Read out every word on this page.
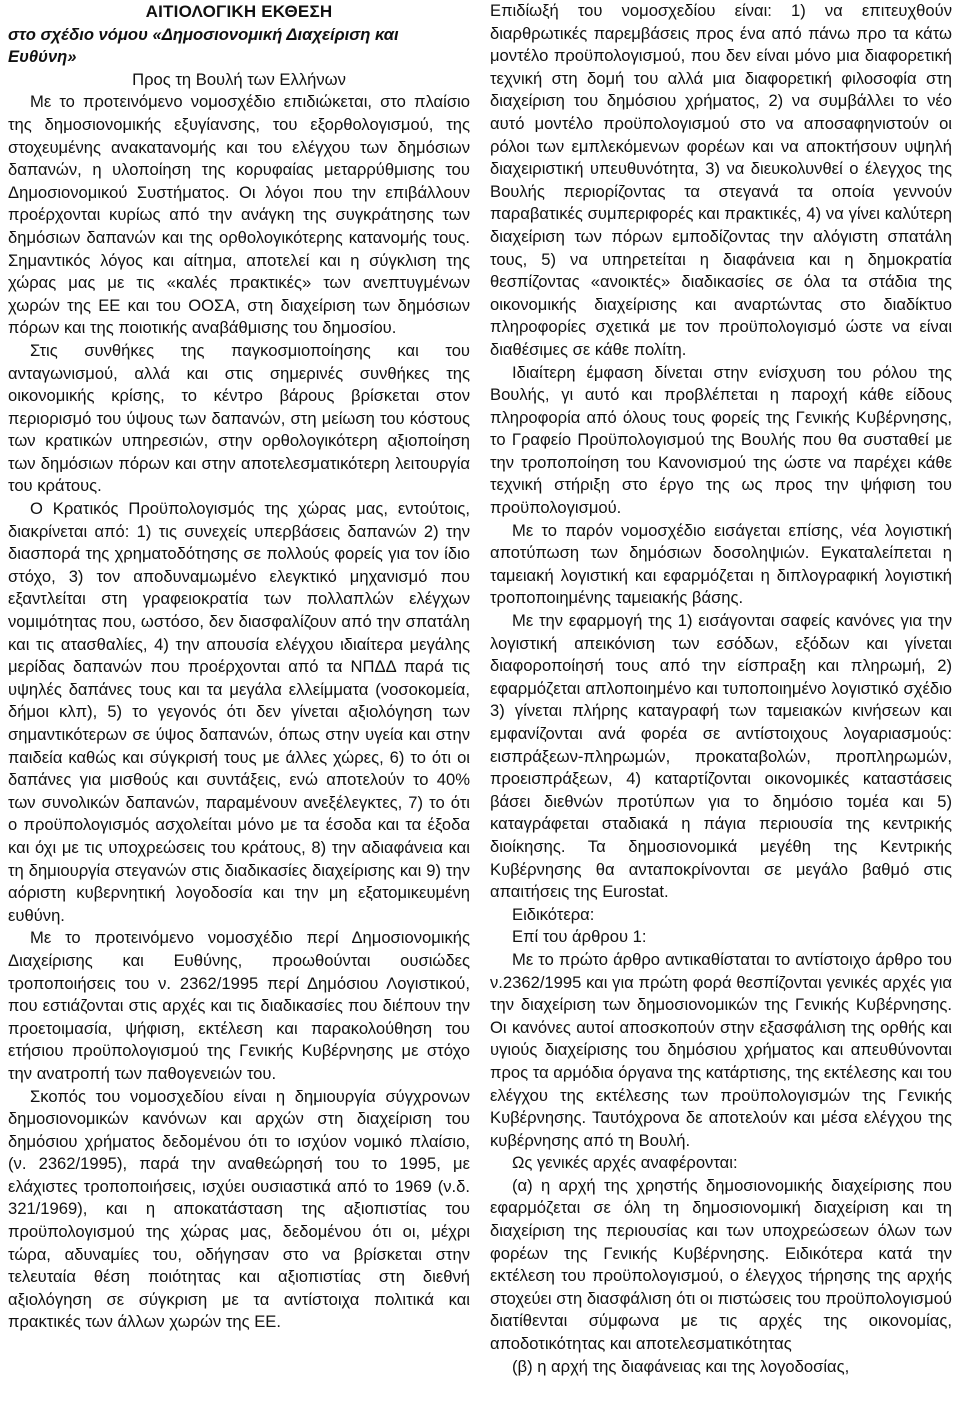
ΑΙΤΙΟΛΟΓΙΚΗ ΕΚΘΕΣΗ

στο σχέδιο νόμου «Δημοσιονομική Διαχείριση και Ευθύνη»

Προς τη Βουλή των Ελλήνων

Με το προτεινόμενο νομοσχέδιο επιδιώκεται, στο πλαίσιο της δημοσιονομικής εξυγίανσης, του εξορθολογισμού, της στοχευμένης ανακατανομής και του ελέγχου των δημόσιων δαπανών, η υλοποίηση της κορυφαίας μεταρρύθμισης του Δημοσιονομικού Συστήματος. Οι λόγοι που την επιβάλλουν προέρχονται κυρίως από την ανάγκη της συγκράτησης των δημόσιων δαπανών και της ορθολογικότερης κατανομής τους. Σημαντικός λόγος και αίτημα, αποτελεί και η σύγκλιση της χώρας μας με τις «καλές πρακτικές» των ανεπτυγμένων χωρών της ΕΕ και του ΟΟΣΑ, στη διαχείριση των δημόσιων πόρων και της ποιοτικής αναβάθμισης του δημοσίου.

Στις συνθήκες της παγκοσμιοποίησης και του ανταγωνισμού, αλλά και στις σημερινές συνθήκες της οικονομικής κρίσης, το κέντρο βάρους βρίσκεται στον περιορισμό του ύψους των δαπανών, στη μείωση του κόστους των κρατικών υπηρεσιών, στην ορθολογικότερη αξιοποίηση των δημόσιων πόρων και στην αποτελεσματικότερη λειτουργία του κράτους.

Ο Κρατικός Προϋπολογισμός της χώρας μας, εντούτοις, διακρίνεται από: 1) τις συνεχείς υπερβάσεις δαπανών 2) την διασπορά της χρηματοδότησης σε πολλούς φορείς για τον ίδιο στόχο, 3) τον αποδυναμωμένο ελεγκτικό μηχανισμό που εξαντλείται στη γραφειοκρατία των πολλαπλών ελέγχων νομιμότητας που, ωστόσο, δεν διασφαλίζουν από την σπατάλη και τις ατασθαλίες, 4) την απουσία ελέγχου ιδιαίτερα μεγάλης μερίδας δαπανών που προέρχονται από τα ΝΠΔΔ παρά τις υψηλές δαπάνες τους και τα μεγάλα ελλείμματα (νοσοκομεία, δήμοι κλπ), 5) το γεγονός ότι δεν γίνεται αξιολόγηση των σημαντικότερων σε ύψος δαπανών, όπως στην υγεία και στην παιδεία καθώς και σύγκρισή τους με άλλες χώρες, 6) το ότι οι δαπάνες για μισθούς και συντάξεις, ενώ αποτελούν το 40% των συνολικών δαπανών, παραμένουν ανεξέλεγκτες, 7) το ότι ο προϋπολογισμός ασχολείται μόνο με τα έσοδα και τα έξοδα και όχι με τις υποχρεώσεις του κράτους, 8) την αδιαφάνεια και τη δημιουργία στεγανών στις διαδικασίες διαχείρισης και 9) την αόριστη κυβερνητική λογοδοσία και την μη εξατομικευμένη ευθύνη.

Με το προτεινόμενο νομοσχέδιο περί Δημοσιονομικής Διαχείρισης και Ευθύνης, προωθούνται ουσιώδες τροποποιήσεις του ν. 2362/1995 περί Δημόσιου Λογιστικού, που εστιάζονται στις αρχές και τις διαδικασίες που διέπουν την προετοιμασία, ψήφιση, εκτέλεση και παρακολούθηση του ετήσιου προϋπολογισμού της Γενικής Κυβέρνησης με στόχο την ανατροπή των παθογενειών του.

Σκοπός του νομοσχεδίου είναι η δημιουργία σύγχρονων δημοσιονομικών κανόνων και αρχών στη διαχείριση του δημόσιου χρήματος δεδομένου ότι το ισχύον νομικό πλαίσιο, (ν. 2362/1995), παρά την αναθεώρησή του το 1995, με ελάχιστες τροποποιήσεις, ισχύει ουσιαστικά από το 1969 (ν.δ. 321/1969), και η αποκατάσταση της αξιοπιστίας του προϋπολογισμού της χώρας μας, δεδομένου ότι οι, μέχρι τώρα, αδυναμίες του, οδήγησαν στο να βρίσκεται στην τελευταία θέση ποιότητας και αξιοπιστίας στη διεθνή αξιολόγηση σε σύγκριση με τα αντίστοιχα πολιτικά και πρακτικές των άλλων χωρών της ΕΕ.

Επιδίωξή του νομοσχεδίου είναι: 1) να επιτευχθούν διαρθρωτικές παρεμβάσεις προς ένα από πάνω προ τα κάτω μοντέλο προϋπολογισμού, που δεν είναι μόνο μια διαφορετική τεχνική στη δομή του αλλά μια διαφορετική φιλοσοφία στη διαχείριση του δημόσιου χρήματος, 2) να συμβάλλει το νέο αυτό μοντέλο προϋπολογισμού στο να αποσαφηνιστούν οι ρόλοι των εμπλεκόμενων φορέων και να αποκτήσουν υψηλή διαχειριστική υπευθυνότητα, 3) να διευκολυνθεί ο έλεγχος της Βουλής περιορίζοντας τα στεγανά τα οποία γεννούν παραβατικές συμπεριφορές και πρακτικές, 4) να γίνει καλύτερη διαχείριση των πόρων εμποδίζοντας την αλόγιστη σπατάλη τους, 5) να υπηρετείται η διαφάνεια και η δημοκρατία θεσπίζοντας «ανοικτές» διαδικασίες σε όλα τα στάδια της οικονομικής διαχείρισης και αναρτώντας στο διαδίκτυο πληροφορίες σχετικά με τον προϋπολογισμό ώστε να είναι διαθέσιμες σε κάθε πολίτη.

Ιδιαίτερη έμφαση δίνεται στην ενίσχυση του ρόλου της Βουλής, γι αυτό και προβλέπεται η παροχή κάθε είδους πληροφορία από όλους τους φορείς της Γενικής Κυβέρνησης, το Γραφείο Προϋπολογισμού της Βουλής που θα συσταθεί με την τροποποίηση του Κανονισμού της ώστε να παρέχει κάθε τεχνική στήριξη στο έργο της ως προς την ψήφιση του προϋπολογισμού.

Με το παρόν νομοσχέδιο εισάγεται επίσης, νέα λογιστική αποτύπωση των δημόσιων δοσοληψιών. Εγκαταλείπεται η ταμειακή λογιστική και εφαρμόζεται η διπλογραφική λογιστική τροποποιημένης ταμειακής βάσης.

Με την εφαρμογή της 1) εισάγονται σαφείς κανόνες για την λογιστική απεικόνιση των εσόδων, εξόδων και γίνεται διαφοροποίησή τους από την είσπραξη και πληρωμή, 2) εφαρμόζεται απλοποιημένο και τυποποιημένο λογιστικό σχέδιο 3) γίνεται πλήρης καταγραφή των ταμειακών κινήσεων και εμφανίζονται ανά φορέα σε αντίστοιχους λογαριασμούς: εισπράξεων-πληρωμών, προκαταβολών, προπληρωμών, προεισπράξεων, 4) καταρτίζονται οικονομικές καταστάσεις βάσει διεθνών προτύπων για το δημόσιο τομέα και 5) καταγράφεται σταδιακά η πάγια περιουσία της κεντρικής διοίκησης. Τα δημοσιονομικά μεγέθη της Κεντρικής Κυβέρνησης θα ανταποκρίνονται σε μεγάλο βαθμό στις απαιτήσεις της Eurostat.

Ειδικότερα:

Επί του άρθρου 1:

Με το πρώτο άρθρο αντικαθίσταται το αντίστοιχο άρθρο του ν.2362/1995 και για πρώτη φορά θεσπίζονται γενικές αρχές για την διαχείριση των δημοσιονομικών της Γενικής Κυβέρνησης. Οι κανόνες αυτοί αποσκοπούν στην εξασφάλιση της ορθής και υγιούς διαχείρισης του δημόσιου χρήματος και απευθύνονται προς τα αρμόδια όργανα της κατάρτισης, της εκτέλεσης και του ελέγχου της εκτέλεσης των προϋπολογισμών της Γενικής Κυβέρνησης. Ταυτόχρονα δε αποτελούν και μέσα ελέγχου της κυβέρνησης από τη Βουλή.

Ως γενικές αρχές αναφέρονται:

(α) η αρχή της χρηστής δημοσιονομικής διαχείρισης που εφαρμόζεται σε όλη τη δημοσιονομική διαχείριση και τη διαχείριση της περιουσίας και των υποχρεώσεων όλων των φορέων της Γενικής Κυβέρνησης. Ειδικότερα κατά την εκτέλεση του προϋπολογισμού, ο έλεγχος τήρησης της αρχής στοχεύει στη διασφάλιση ότι οι πιστώσεις του προϋπολογισμού διατίθενται σύμφωνα με τις αρχές της οικονομίας, αποδοτικότητας και αποτελεσματικότητας

(β) η αρχή της διαφάνειας και της λογοδοσίας,
